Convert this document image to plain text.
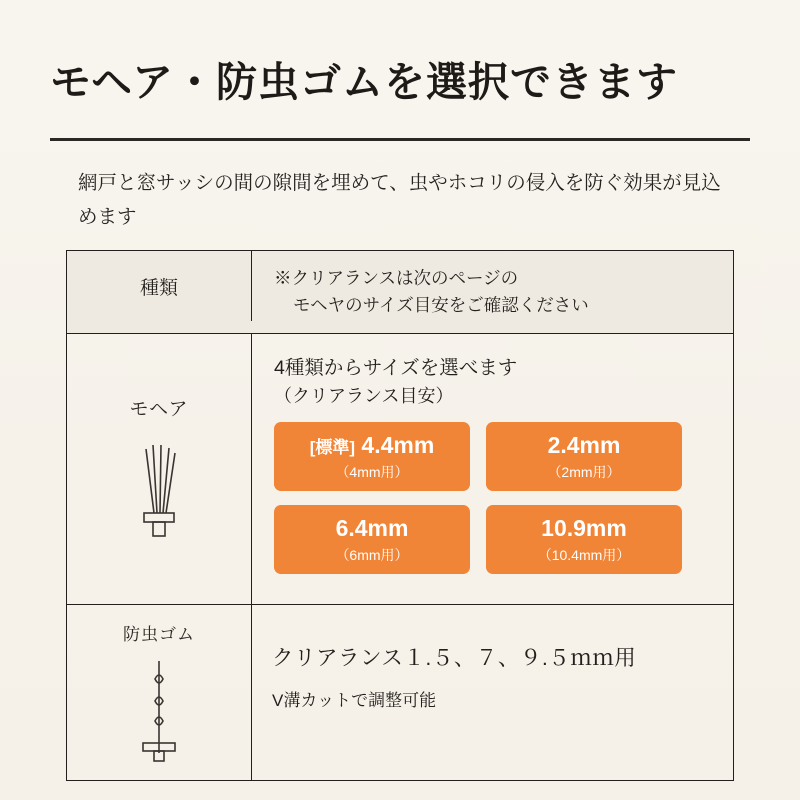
モヘア・防虫ゴムを選択できます
網戸と窓サッシの間の隙間を埋めて、虫やホコリの侵入を防ぐ効果が見込めます
種類	※クリアランスは次のページの
モヘヤのサイズ目安をご確認ください
モヘア
4種類からサイズを選べます
（クリアランス目安）
[標準] 4.4mm
（4mm用）
2.4mm
（2mm用）
6.4mm
（6mm用）
10.9mm
（10.4mm用）
防虫ゴム
クリアランス１.５、７、９.５ｍｍ用
V溝カットで調整可能
